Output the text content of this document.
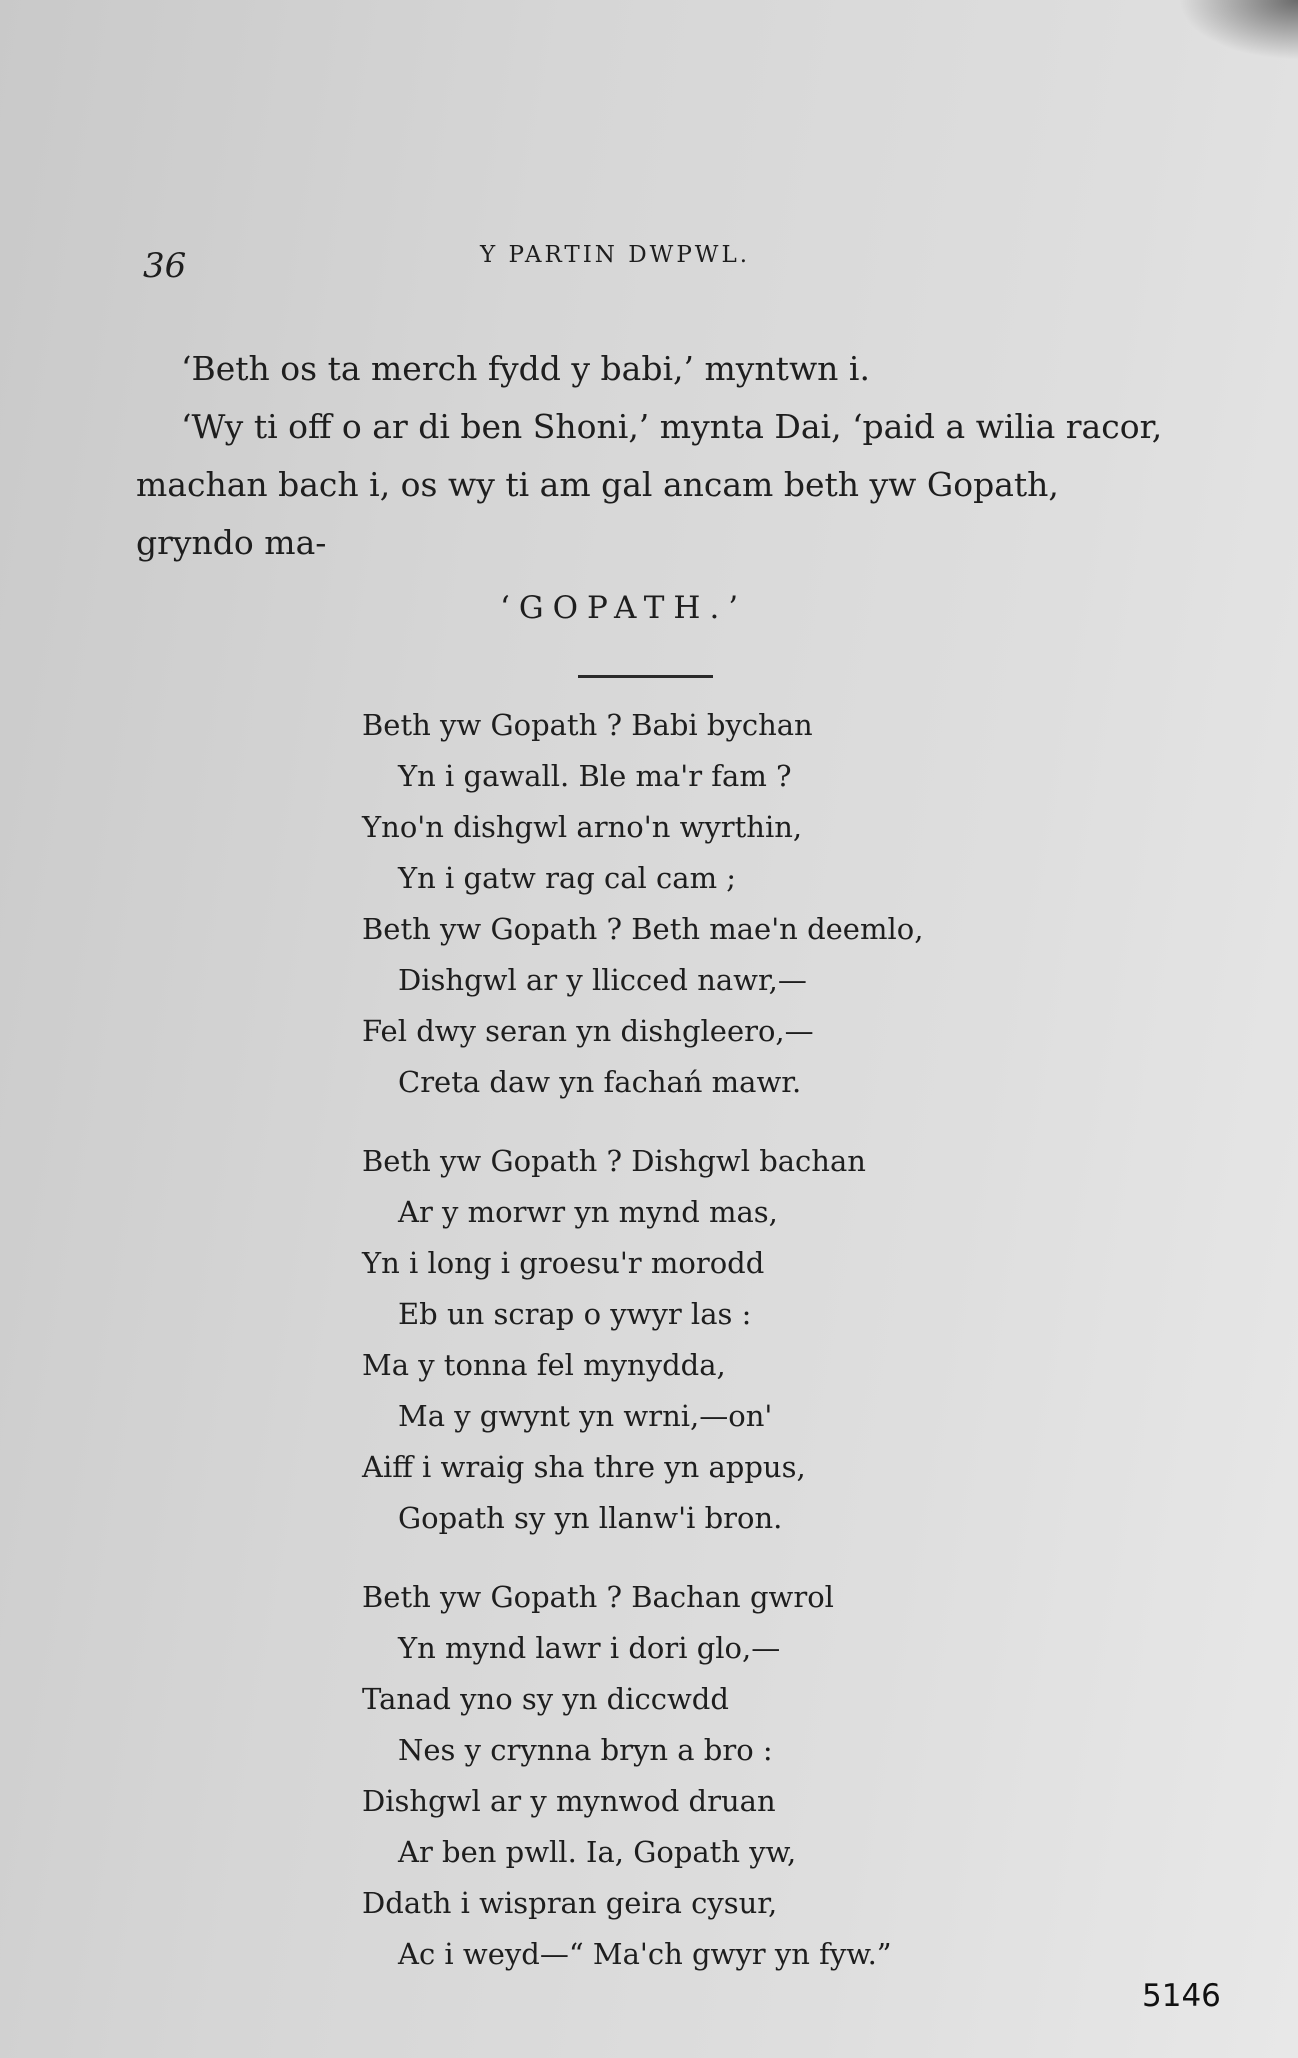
36	Y PARTIN DWPWL.

‘Beth os ta merch fydd y babi,’ myntwn i.

‘Wy ti off o ar di ben Shoni,’ mynta Dai, ‘paid a wilia racor, machan bach i, os wy ti am gal ancam beth yw Gopath, gryndo ma-

‘GOPATH.’
Beth yw Gopath ? Babi bychan
Yn i gawall. Ble ma'r fam ?
Yno'n dishgwl arno'n wyrthin,
Yn i gatw rag cal cam ;
Beth yw Gopath ? Beth mae'n deemlo,
Dishgwl ar y llicced nawr,—
Fel dwy seran yn dishgleero,—
Creta daw yn fachań mawr.
Beth yw Gopath ? Dishgwl bachan
Ar y morwr yn mynd mas,
Yn i long i groesu'r morodd
Eb un scrap o ywyr las :
Ma y tonna fel mynydda,
Ma y gwynt yn wrni,—on'
Aiff i wraig sha thre yn appus,
Gopath sy yn llanw'i bron.
Beth yw Gopath ? Bachan gwrol
Yn mynd lawr i dori glo,—
Tanad yno sy yn diccwdd
Nes y crynna bryn a bro :
Dishgwl ar y mynwod druan
Ar ben pwll. Ia, Gopath yw,
Ddath i wispran geira cysur,
Ac i weyd—“ Ma'ch gwyr yn fyw.”
5146
